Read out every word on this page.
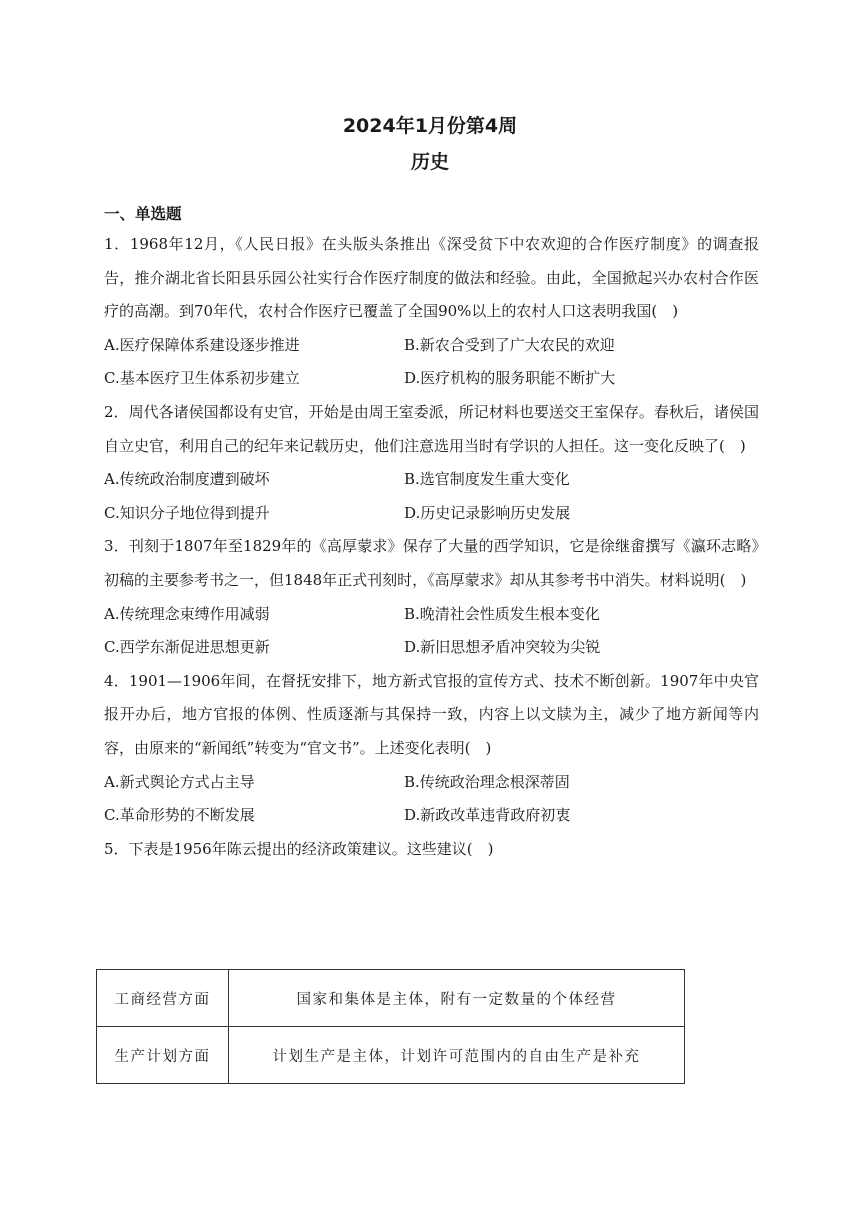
2024年1月份第4周
历史
一、单选题

1．1968年12月，《人民日报》在头版头条推出《深受贫下中农欢迎的合作医疗制度》的调查报告，推介湖北省长阳县乐园公社实行合作医疗制度的做法和经验。由此，全国掀起兴办农村合作医疗的高潮。到70年代，农村合作医疗已覆盖了全国90%以上的农村人口这表明我国(　)

A.医疗保障体系建设逐步推进	B.新农合受到了广大农民的欢迎
C.基本医疗卫生体系初步建立	D.医疗机构的服务职能不断扩大

2．周代各诸侯国都设有史官，开始是由周王室委派，所记材料也要送交王室保存。春秋后，诸侯国自立史官，利用自己的纪年来记载历史，他们注意选用当时有学识的人担任。这一变化反映了(　)

A.传统政治制度遭到破坏	B.选官制度发生重大变化
C.知识分子地位得到提升	D.历史记录影响历史发展

3．刊刻于1807年至1829年的《高厚蒙求》保存了大量的西学知识，它是徐继畬撰写《瀛环志略》初稿的主要参考书之一，但1848年正式刊刻时，《高厚蒙求》却从其参考书中消失。材料说明(　)

A.传统理念束缚作用减弱	B.晚清社会性质发生根本变化
C.西学东渐促进思想更新	D.新旧思想矛盾冲突较为尖锐

4．1901—1906年间，在督抚安排下，地方新式官报的宣传方式、技术不断创新。1907年中央官报开办后，地方官报的体例、性质逐渐与其保持一致，内容上以文牍为主，减少了地方新闻等内容，由原来的“新闻纸”转变为“官文书”。上述变化表明(　)

A.新式舆论方式占主导	B.传统政治理念根深蒂固
C.革命形势的不断发展	D.新政改革违背政府初衷

5．下表是1956年陈云提出的经济政策建议。这些建议(　)

工商经营方面	国家和集体是主体，附有一定数量的个体经营
生产计划方面	计划生产是主体，计划许可范围内的自由生产是补充
